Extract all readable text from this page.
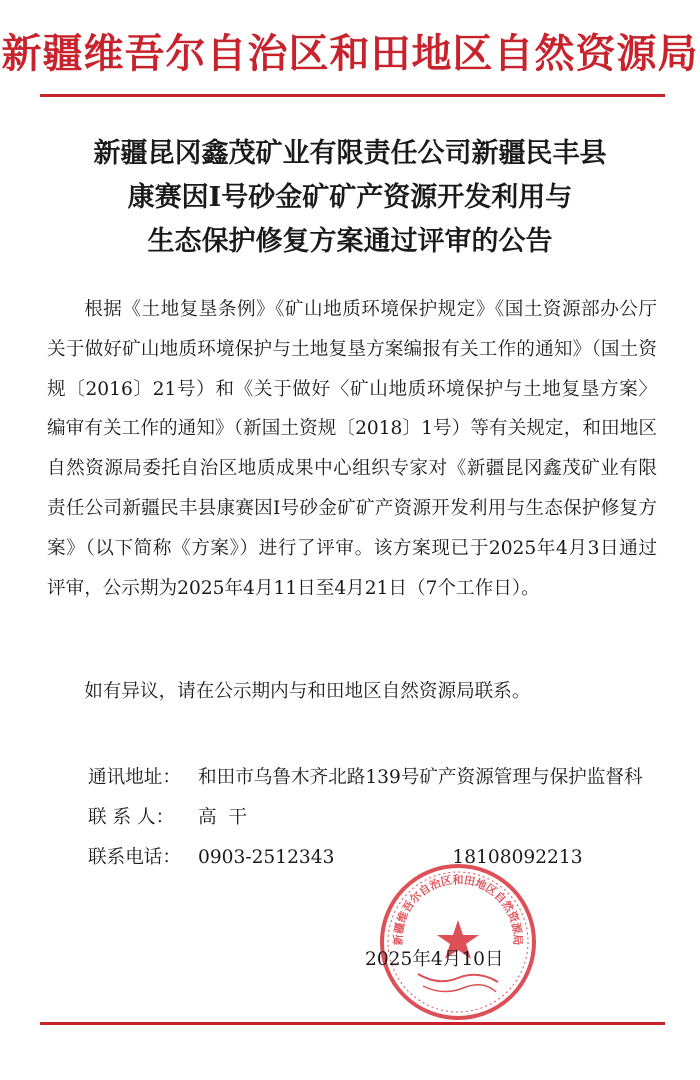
新疆维吾尔自治区和田地区自然资源局
新疆昆冈鑫茂矿业有限责任公司新疆民丰县
康赛因Ⅰ号砂金矿矿产资源开发利用与
生态保护修复方案通过评审的公告

根据《土地复垦条例》《矿山地质环境保护规定》《国土资源部办公厅关于做好矿山地质环境保护与土地复垦方案编报有关工作的通知》（国土资规〔2016〕21号）和《关于做好〈矿山地质环境保护与土地复垦方案〉编审有关工作的通知》（新国土资规〔2018〕1号）等有关规定，和田地区自然资源局委托自治区地质成果中心组织专家对《新疆昆冈鑫茂矿业有限责任公司新疆民丰县康赛因Ⅰ号砂金矿矿产资源开发利用与生态保护修复方案》（以下简称《方案》）进行了评审。该方案现已于2025年4月3日通过评审，公示期为2025年4月11日至4月21日（7个工作日）。

如有异议，请在公示期内与和田地区自然资源局联系。
通讯地址： 和田市乌鲁木齐北路139号矿产资源管理与保护监督科
联 系 人：	高  干
联系电话： 0903-2512343	18108092213
新疆维吾尔自治区和田地区自然资源局
2025年4月10日
